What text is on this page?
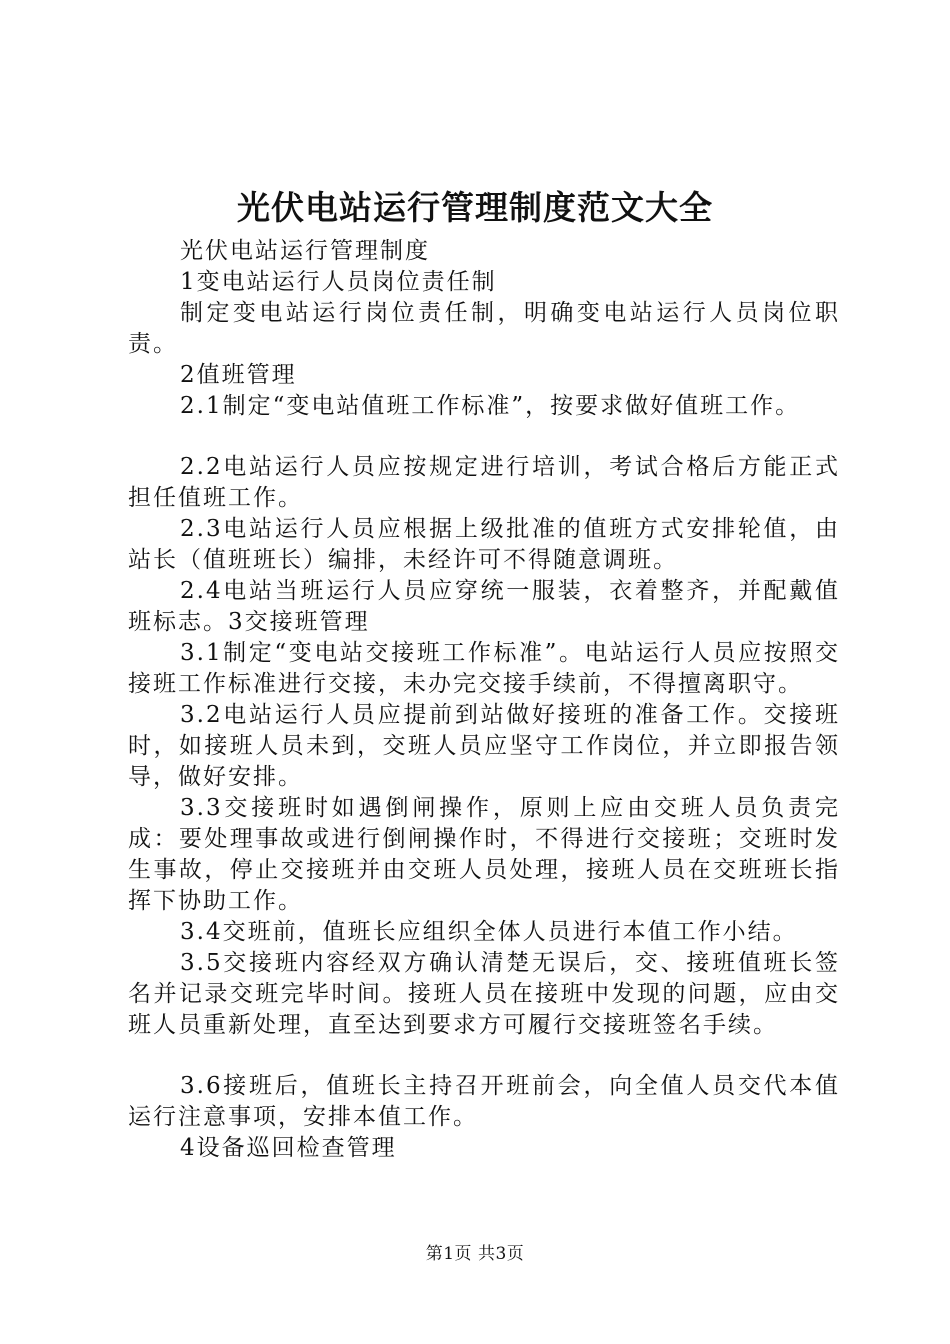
光伏电站运行管理制度范文大全

光伏电站运行管理制度

1变电站运行人员岗位责任制

制定变电站运行岗位责任制，明确变电站运行人员岗位职责。

2值班管理

2.1制定“变电站值班工作标准”，按要求做好值班工作。

2.2电站运行人员应按规定进行培训，考试合格后方能正式担任值班工作。

2.3电站运行人员应根据上级批准的值班方式安排轮值，由站长（值班班长）编排，未经许可不得随意调班。

2.4电站当班运行人员应穿统一服装，衣着整齐，并配戴值班标志。3交接班管理

3.1制定“变电站交接班工作标准”。电站运行人员应按照交接班工作标准进行交接，未办完交接手续前，不得擅离职守。

3.2电站运行人员应提前到站做好接班的准备工作。交接班时，如接班人员未到，交班人员应坚守工作岗位，并立即报告领导，做好安排。

3.3交接班时如遇倒闸操作，原则上应由交班人员负责完成：要处理事故或进行倒闸操作时，不得进行交接班；交班时发生事故，停止交接班并由交班人员处理，接班人员在交班班长指挥下协助工作。

3.4交班前，值班长应组织全体人员进行本值工作小结。

3.5交接班内容经双方确认清楚无误后，交、接班值班长签名并记录交班完毕时间。接班人员在接班中发现的问题，应由交班人员重新处理，直至达到要求方可履行交接班签名手续。

3.6接班后，值班长主持召开班前会，向全值人员交代本值运行注意事项，安排本值工作。

4设备巡回检查管理

第1页 共3页
